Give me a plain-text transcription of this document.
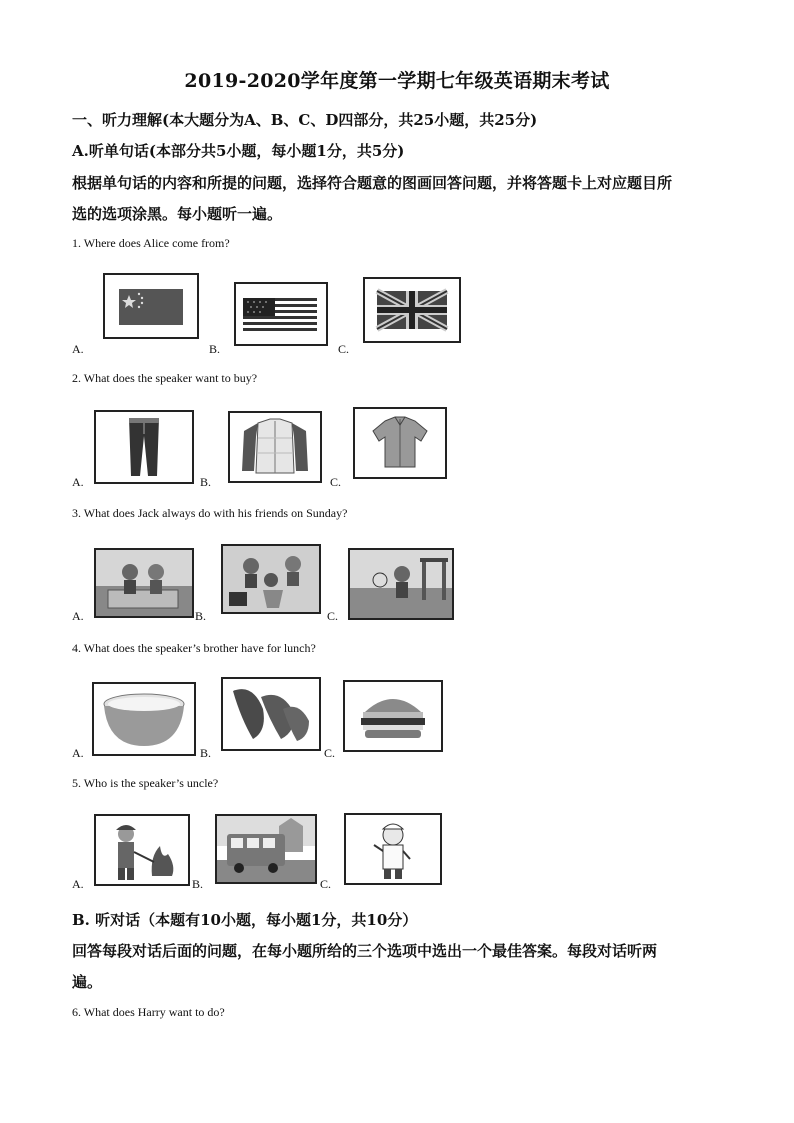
2019-2020学年度第一学期七年级英语期末考试
一、听力理解(本大题分为A、B、C、D四部分，共25小题，共25分)
A.听单句话(本部分共5小题，每小题1分，共5分)
根据单句话的内容和所提的问题，选择符合题意的图画回答问题，并将答题卡上对应题目所
选的选项涂黑。每小题听一遍。
1. Where does Alice come from?
A.	B.	C.
2. What does the speaker want to buy?
A.	B.	C.
3. What does Jack always do with his friends on Sunday?
A.	B.	C.
4. What does the speaker’s brother have for lunch?
A.	B.	C.
5. Who is the speaker’s uncle?
A.	B.	C.
B. 听对话（本题有10小题，每小题1分，共10分）
回答每段对话后面的问题，在每小题所给的三个选项中选出一个最佳答案。每段对话听两
遍。
6. What does Harry want to do?
